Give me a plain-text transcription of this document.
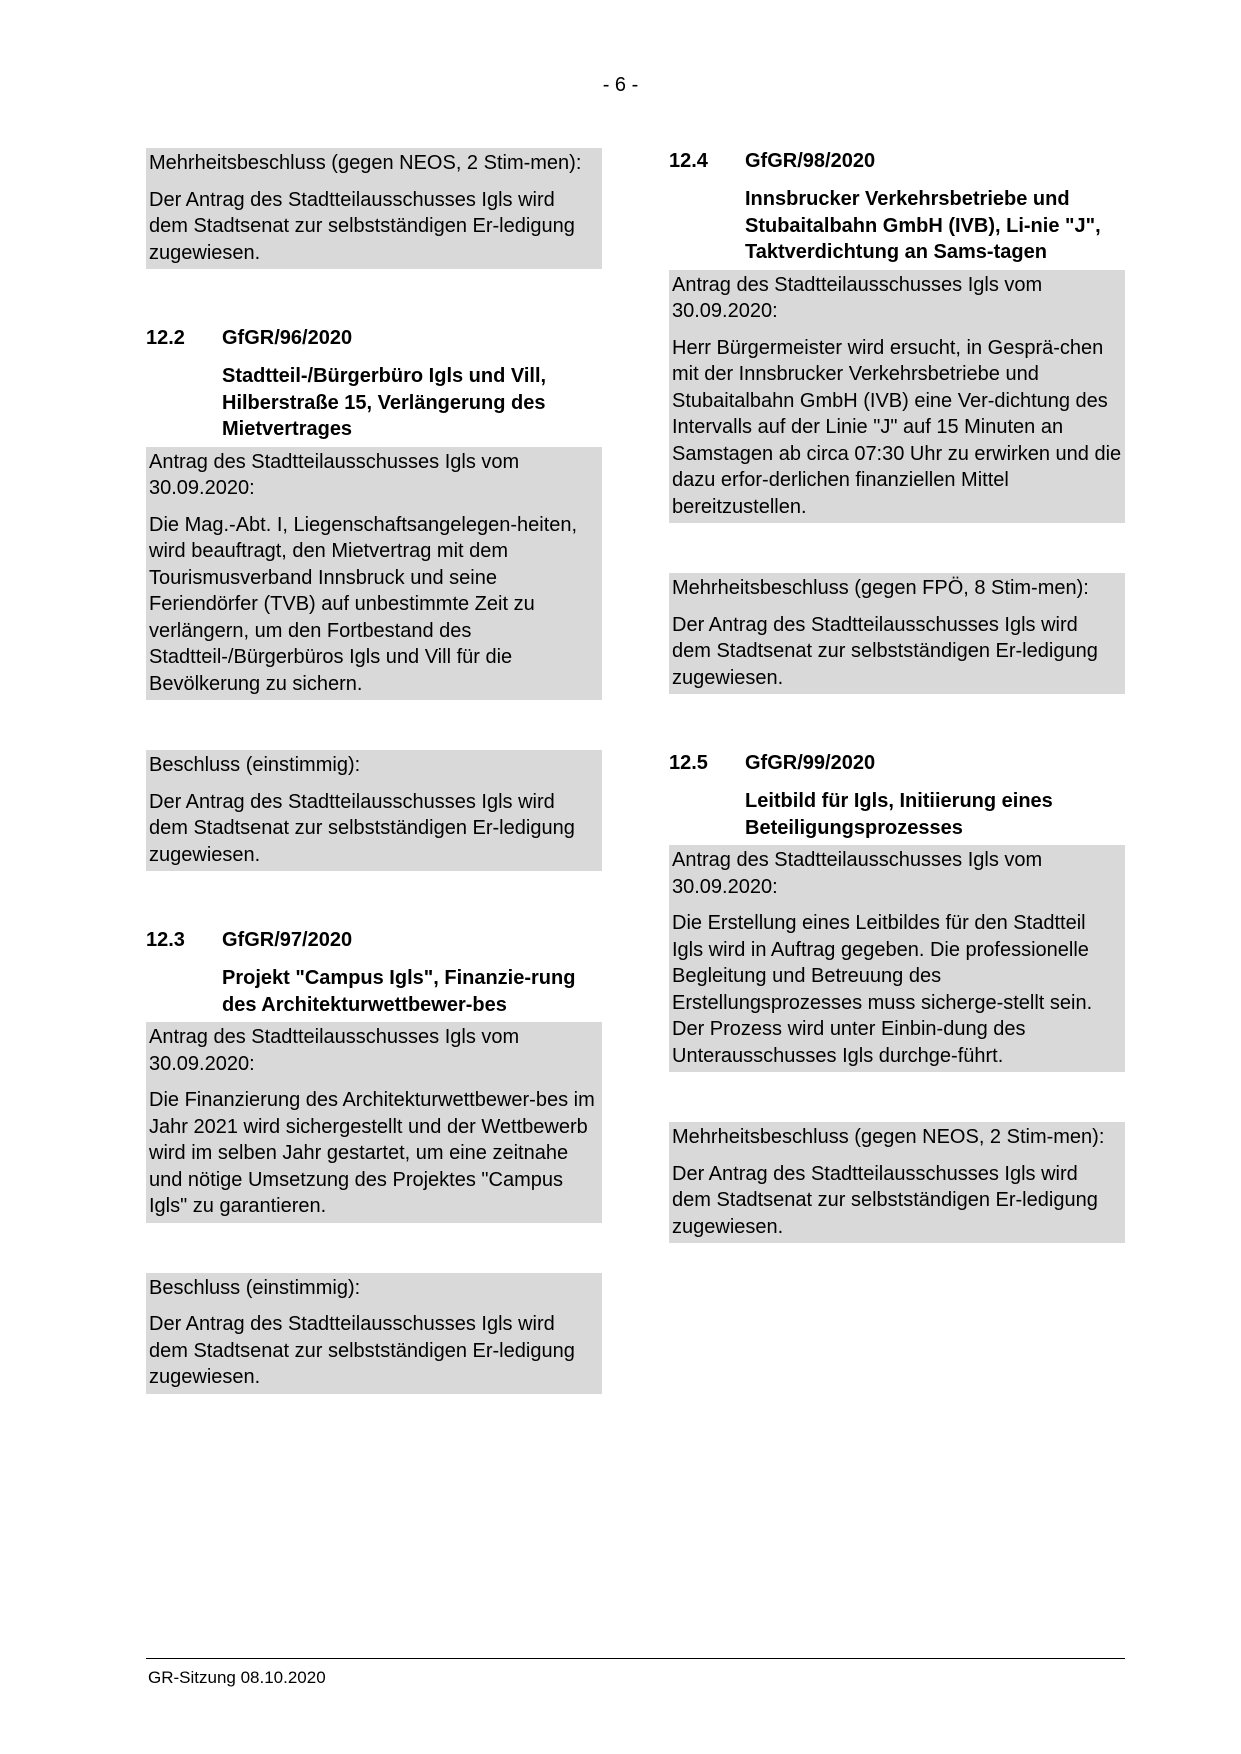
- 6 -

Mehrheitsbeschluss (gegen NEOS, 2 Stim-men):

Der Antrag des Stadtteilausschusses Igls wird dem Stadtsenat zur selbstständigen Er-ledigung zugewiesen.

12.2	GfGR/96/2020
Stadtteil-/Bürgerbüro Igls und Vill, Hilberstraße 15, Verlängerung des Mietvertrages

Antrag des Stadtteilausschusses Igls vom 30.09.2020:

Die Mag.-Abt. I, Liegenschaftsangelegen-heiten, wird beauftragt, den Mietvertrag mit dem Tourismusverband Innsbruck und seine Feriendörfer (TVB) auf unbestimmte Zeit zu verlängern, um den Fortbestand des Stadtteil-/Bürgerbüros Igls und Vill für die Bevölkerung zu sichern.

Beschluss (einstimmig):

Der Antrag des Stadtteilausschusses Igls wird dem Stadtsenat zur selbstständigen Er-ledigung zugewiesen.

12.3	GfGR/97/2020
Projekt "Campus Igls", Finanzie-rung des Architekturwettbewer-bes

Antrag des Stadtteilausschusses Igls vom 30.09.2020:

Die Finanzierung des Architekturwettbewer-bes im Jahr 2021 wird sichergestellt und der Wettbewerb wird im selben Jahr gestartet, um eine zeitnahe und nötige Umsetzung des Projektes "Campus Igls" zu garantieren.

Beschluss (einstimmig):

Der Antrag des Stadtteilausschusses Igls wird dem Stadtsenat zur selbstständigen Er-ledigung zugewiesen.

12.4	GfGR/98/2020
Innsbrucker Verkehrsbetriebe und Stubaitalbahn GmbH (IVB), Li-nie "J", Taktverdichtung an Sams-tagen

Antrag des Stadtteilausschusses Igls vom 30.09.2020:

Herr Bürgermeister wird ersucht, in Gesprä-chen mit der Innsbrucker Verkehrsbetriebe und Stubaitalbahn GmbH (IVB) eine Ver-dichtung des Intervalls auf der Linie "J" auf 15 Minuten an Samstagen ab circa 07:30 Uhr zu erwirken und die dazu erfor-derlichen finanziellen Mittel bereitzustellen.

Mehrheitsbeschluss (gegen FPÖ, 8 Stim-men):

Der Antrag des Stadtteilausschusses Igls wird dem Stadtsenat zur selbstständigen Er-ledigung zugewiesen.

12.5	GfGR/99/2020
Leitbild für Igls, Initiierung eines Beteiligungsprozesses

Antrag des Stadtteilausschusses Igls vom 30.09.2020:

Die Erstellung eines Leitbildes für den Stadtteil Igls wird in Auftrag gegeben. Die professionelle Begleitung und Betreuung des Erstellungsprozesses muss sicherge-stellt sein. Der Prozess wird unter Einbin-dung des Unterausschusses Igls durchge-führt.

Mehrheitsbeschluss (gegen NEOS, 2 Stim-men):

Der Antrag des Stadtteilausschusses Igls wird dem Stadtsenat zur selbstständigen Er-ledigung zugewiesen.

GR-Sitzung 08.10.2020
